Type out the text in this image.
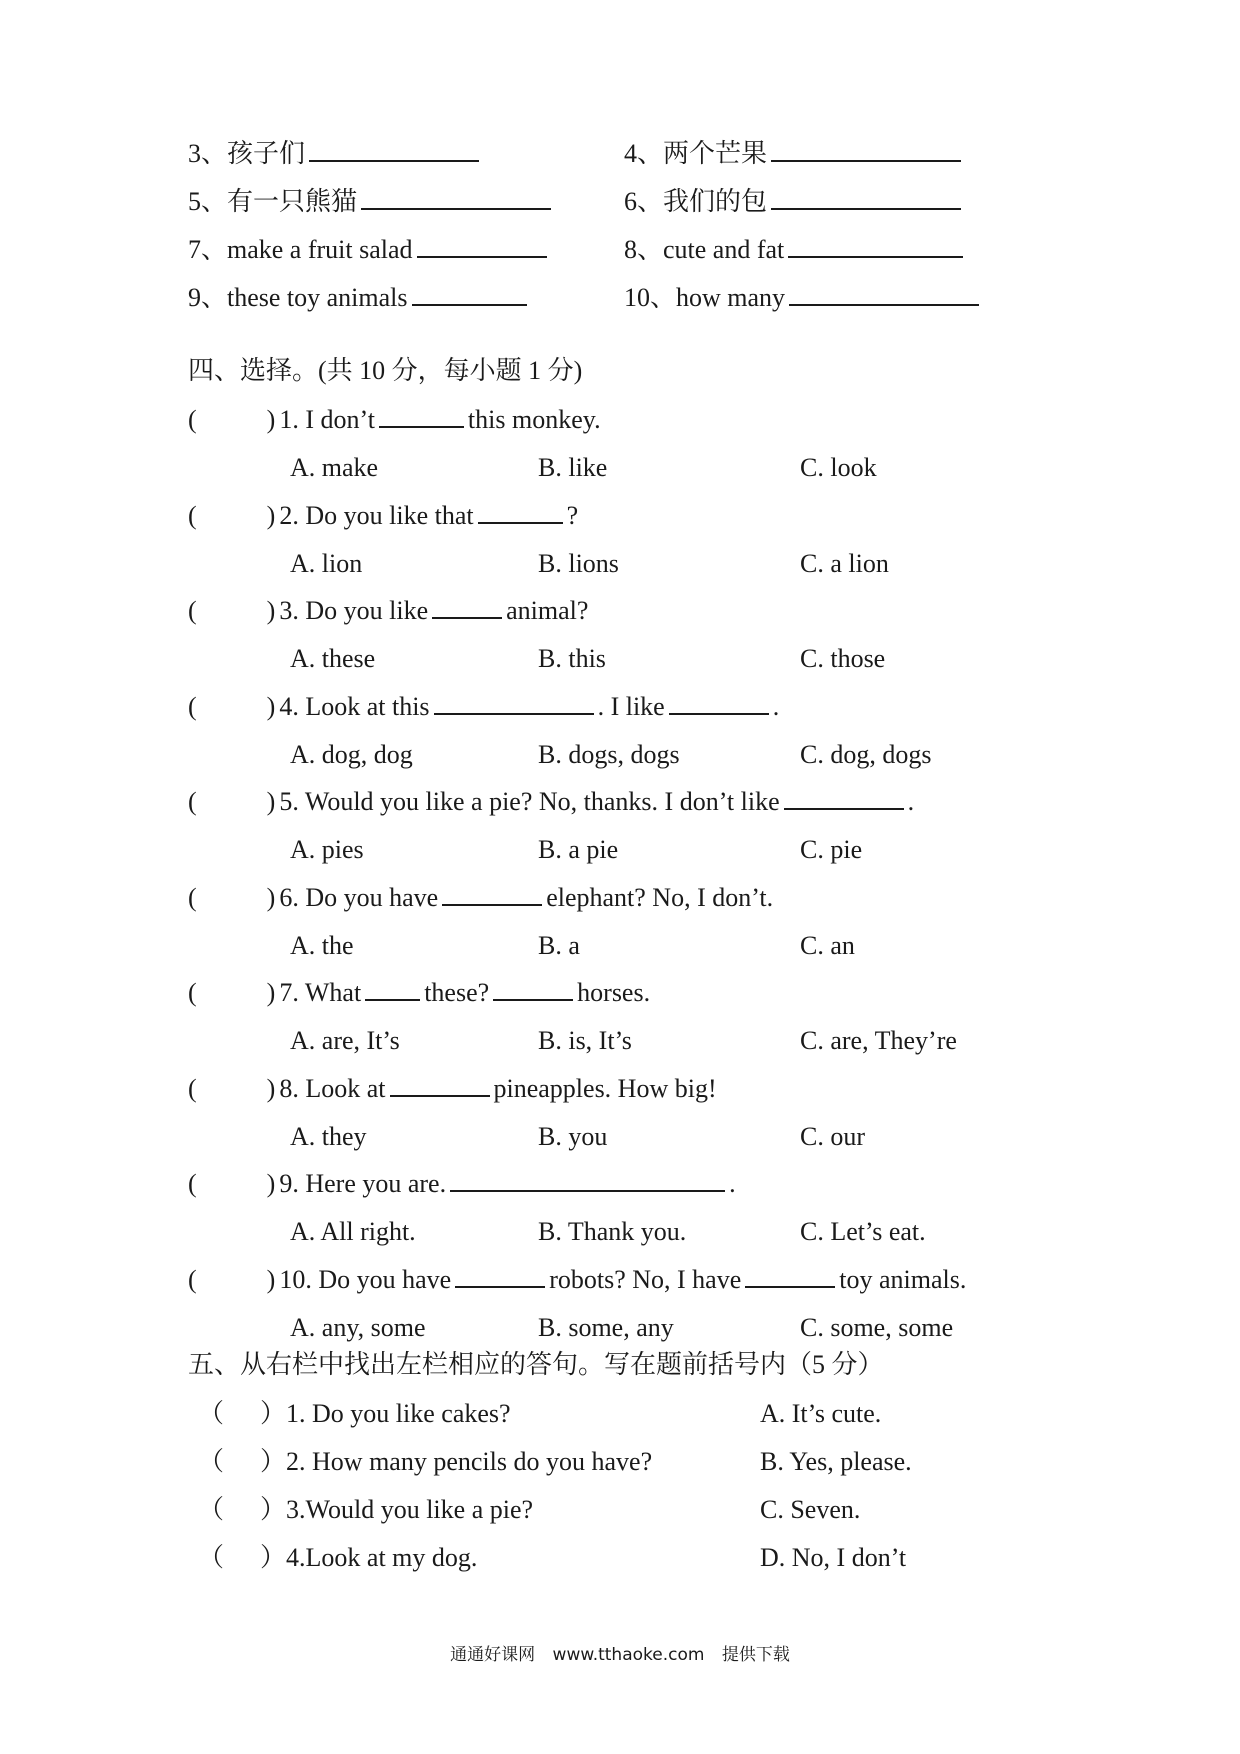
3、孩子们	4、两个芒果
5、有一只熊猫	6、我们的包
7、make a fruit salad	8、cute and fat
9、these toy animals	10、how many
四、选择。(共 10 分，每小题 1 分)
(	) 1. I don’t	this monkey.
A. make	B. like	C. look
(	) 2. Do you like that	?
A. lion	B. lions	C. a lion
(	) 3. Do you like	animal?
A. these	B. this	C. those
(	) 4. Look at this	. I like	.
A. dog, dog	B. dogs, dogs	C. dog, dogs
(	) 5. Would you like a pie? No, thanks. I don’t like	.
A. pies	B. a pie	C. pie
(	) 6. Do you have	elephant? No, I don’t.
A. the	B. a	C. an
(	) 7. What these?	horses.
A. are, It’s	B. is, It’s	C. are, They’re
(	) 8. Look at	pineapples. How big!
A. they	B. you	C. our
(	) 9. Here you are.	.
A. All right.	B. Thank you.	C. Let’s eat.
(	) 10. Do you have	robots? No, I have	toy animals.
A. any, some	B. some, any	C. some, some
五、从右栏中找出左栏相应的答句。写在题前括号内（5 分）
（ ）1. Do you like cakes?	A. It’s cute.
（ ）2. How many pencils do you have?	B. Yes, please.
（ ）3.Would you like a pie?	C. Seven.
（ ）4.Look at my dog.	D. No, I don’t
通通好课网 www.tthaoke.com 提供下载
